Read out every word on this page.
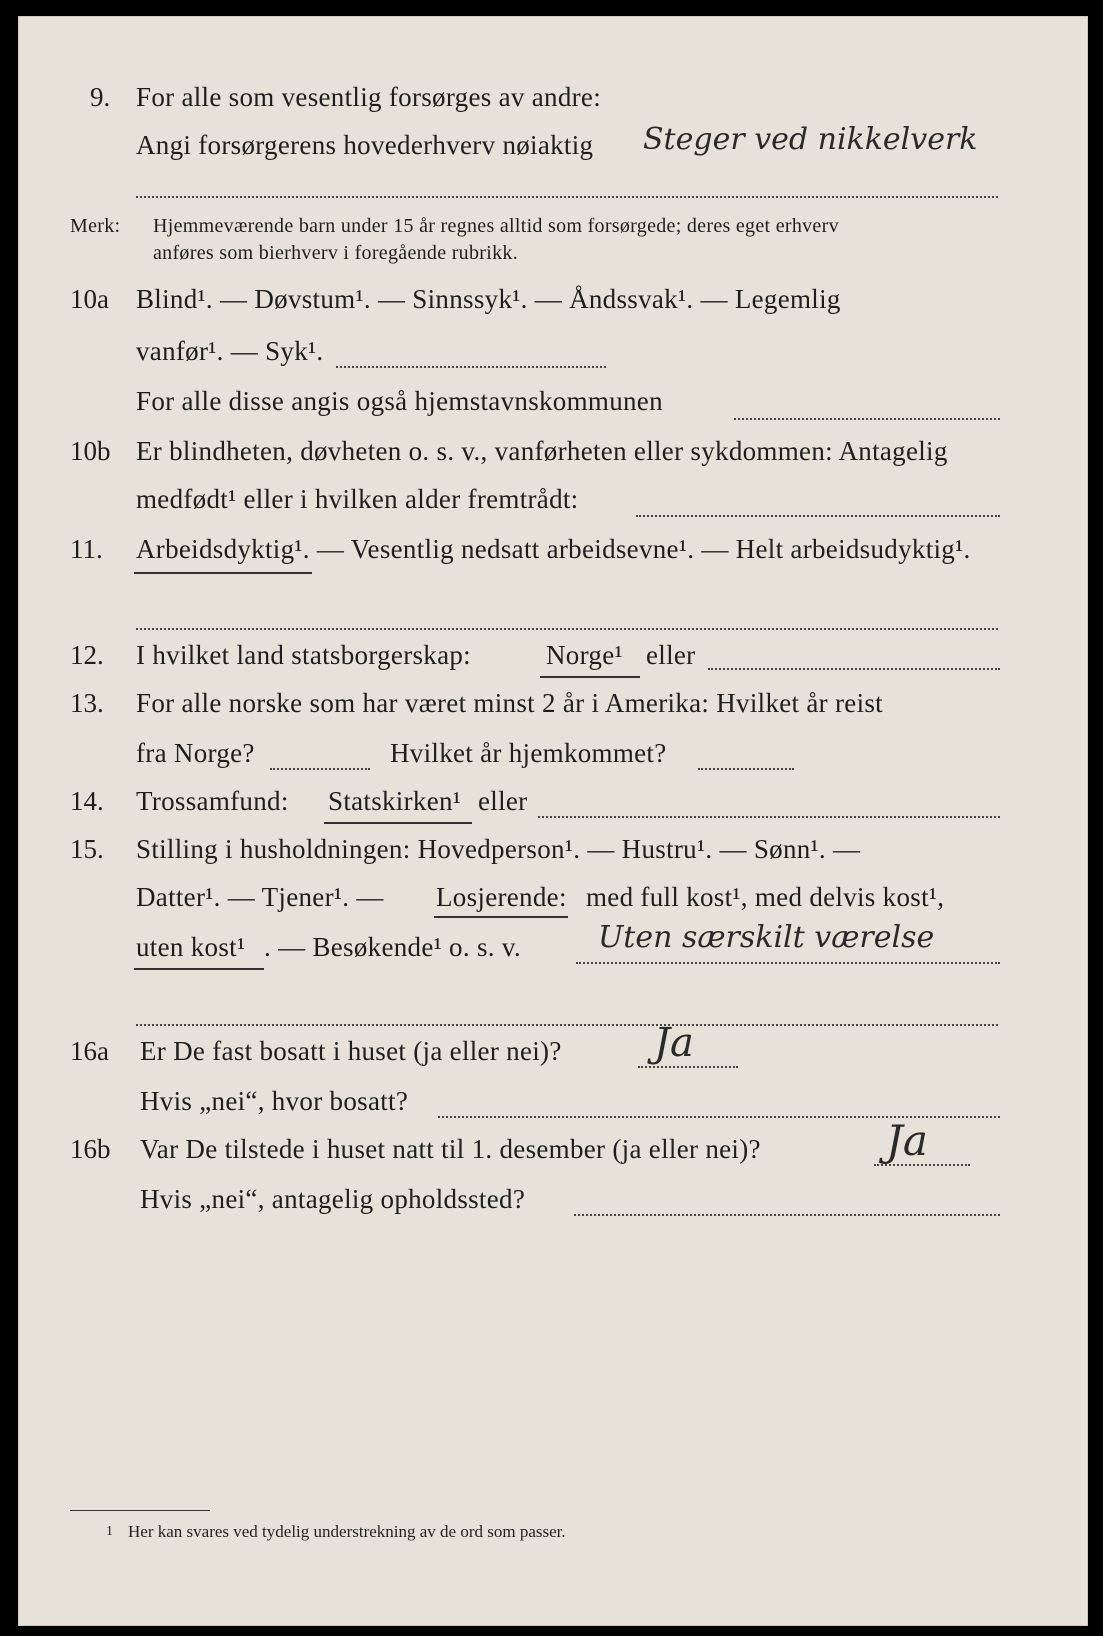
9. For alle som vesentlig forsørges av andre:
Angi forsørgerens hovederhverv nøiaktig Steger ved nikkelverk
Merk: Hjemmeværende barn under 15 år regnes alltid som forsørgede; deres eget erhverv
anføres som bierhverv i foregående rubrikk.
10a Blind¹. — Døvstum¹. — Sinnssyk¹. — Åndssvak¹. — Legemlig
vanfør¹. — Syk¹.
For alle disse angis også hjemstavnskommunen
10b Er blindheten, døvheten o. s. v., vanførheten eller sykdommen: Antagelig
medfødt¹ eller i hvilken alder fremtrådt:
11. Arbeidsdyktig¹. — Vesentlig nedsatt arbeidsevne¹. — Helt arbeidsudyktig¹.
12. I hvilket land statsborgerskap:	Norge¹ eller
13. For alle norske som har været minst 2 år i Amerika: Hvilket år reist
fra Norge?	Hvilket år hjemkommet?
14. Trossamfund: Statskirken¹ eller
15. Stilling i husholdningen: Hovedperson¹. — Hustru¹. — Sønn¹. —
Datter¹. — Tjener¹. — Losjerende: med full kost¹, med delvis kost¹,
uten kost¹ . — Besøkende¹ o. s. v.	Uten særskilt værelse
16a Er De fast bosatt i huset (ja eller nei)? Ja
Hvis „nei“, hvor bosatt?
16b Var De tilstede i huset natt til 1. desember (ja eller nei)?	Ja
Hvis „nei“, antagelig opholdssted?
1 Her kan svares ved tydelig understrekning av de ord som passer.
